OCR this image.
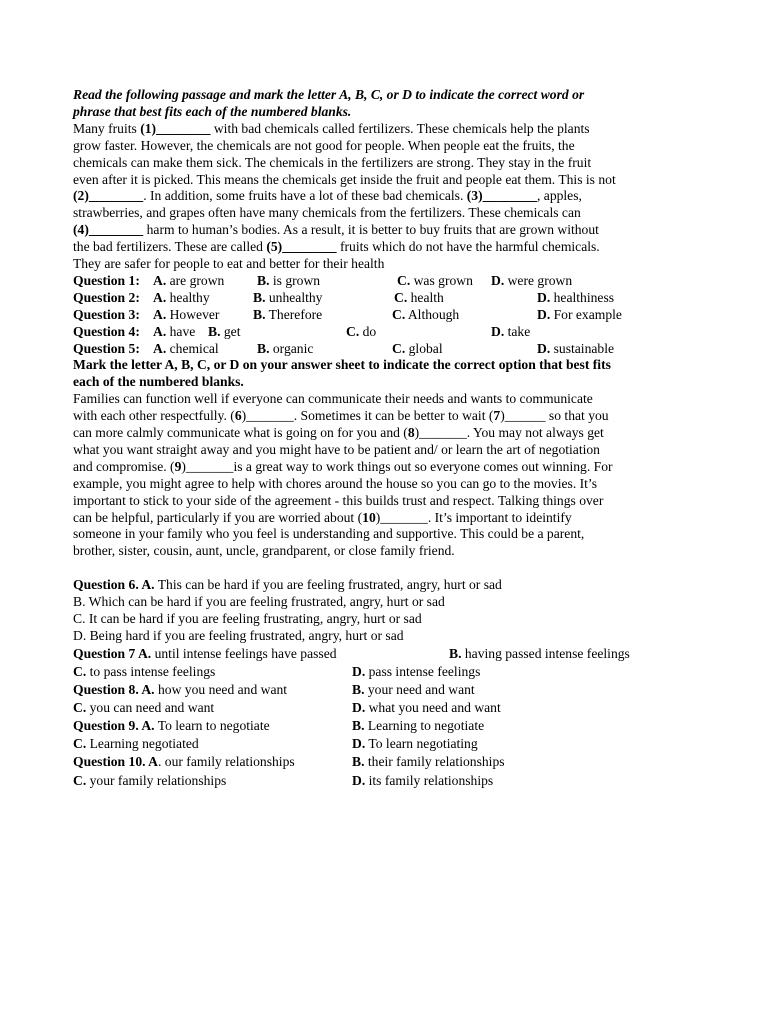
Read the following passage and mark the letter A, B, C, or D to indicate the correct word or
phrase that best fits each of the numbered blanks.
Many fruits (1)________ with bad chemicals called fertilizers. These chemicals help the plants
grow faster. However, the chemicals are not good for people. When people eat the fruits, the
chemicals can make them sick. The chemicals in the fertilizers are strong. They stay in the fruit
even after it is picked. This means the chemicals get inside the fruit and people eat them. This is not
(2)________. In addition, some fruits have a lot of these bad chemicals. (3)________, apples,
strawberries, and grapes often have many chemicals from the fertilizers. These chemicals can
(4)________ harm to human’s bodies. As a result, it is better to buy fruits that are grown without
the bad fertilizers. These are called (5)________ fruits which do not have the harmful chemicals.
They are safer for people to eat and better for their health
Question 1: A. are grown B. is grown	C. was grown D. were grown
Question 2: A. healthy	B. unhealthy	C. health	D. healthiness
Question 3: A. However B. Therefore	C. Although	D. For example
Question 4: A. have B. get	C. do	D. take
Question 5: A. chemical	B. organic	C. global	D. sustainable
Mark the letter A, B, C, or D on your answer sheet to indicate the correct option that best fits
each of the numbered blanks.
Families can function well if everyone can communicate their needs and wants to communicate
with each other respectfully. (6)_______. Sometimes it can be better to wait (7)______ so that you
can more calmly communicate what is going on for you and (8)_______. You may not always get
what you want straight away and you might have to be patient and/ or learn the art of negotiation
and compromise. (9)_______is a great way to work things out so everyone comes out winning. For
example, you might agree to help with chores around the house so you can go to the movies. It’s
important to stick to your side of the agreement - this builds trust and respect. Talking things over
can be helpful, particularly if you are worried about (10)_______. It’s important to ideintify
someone in your family who you feel is understanding and supportive. This could be a parent,
brother, sister, cousin, aunt, uncle, grandparent, or close family friend.
Question 6. A. This can be hard if you are feeling frustrated, angry, hurt or sad
B. Which can be hard if you are feeling frustrated, angry, hurt or sad
C. It can be hard if you are feeling frustrating, angry, hurt or sad
D. Being hard if you are feeling frustrated, angry, hurt or sad
Question 7 A. until intense feelings have passed	B. having passed intense feelings
C. to pass intense feelings	D. pass intense feelings
Question 8. A. how you need and want	B. your need and want
C. you can need and want	D. what you need and want
Question 9. A. To learn to negotiate	B. Learning to negotiate
C. Learning negotiated	D. To learn negotiating
Question 10. A. our family relationships	B. their family relationships
C. your family relationships	D. its family relationships
